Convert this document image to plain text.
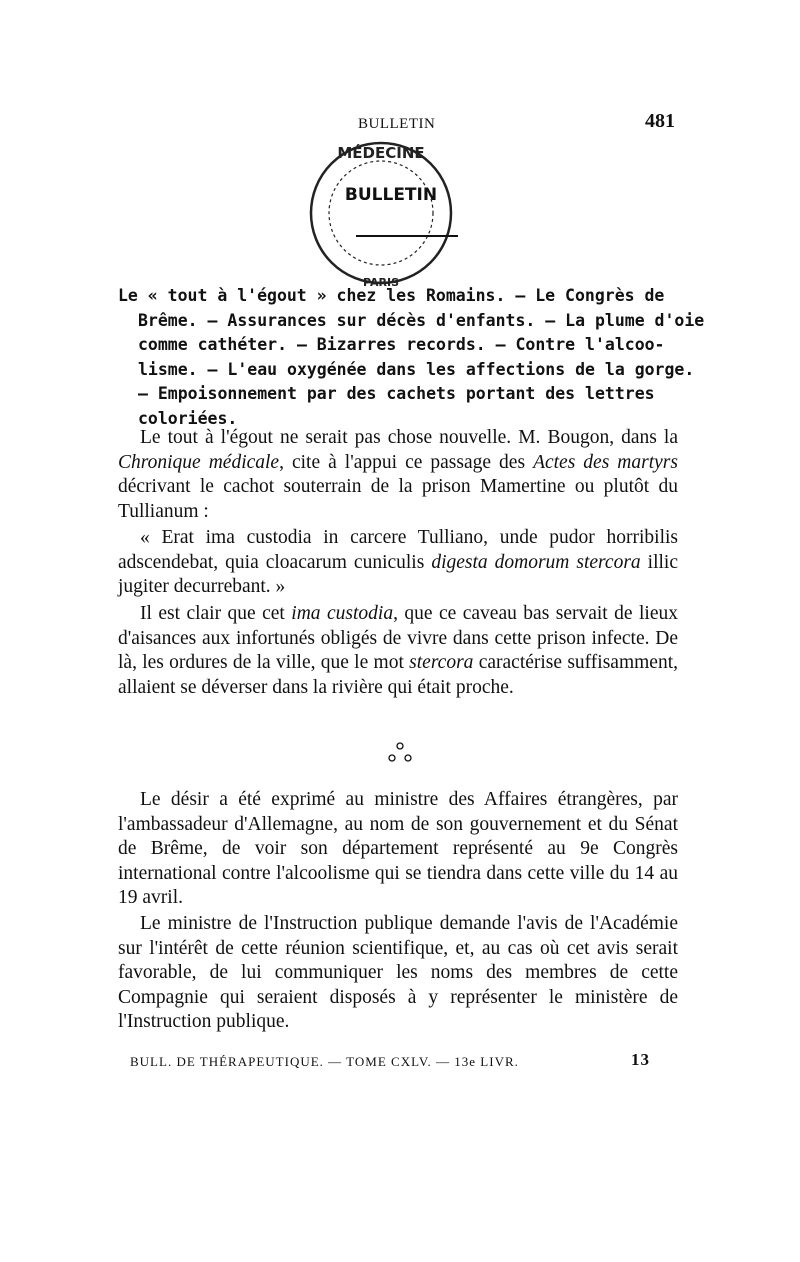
BULLETIN	481
MÉDECINE
BULLETIN
PARIS
Le « tout à l'égout » chez les Romains. — Le Congrès de
Brême. — Assurances sur décès d'enfants. — La plume d'oie
comme cathéter. — Bizarres records. — Contre l'alcoo-
lisme. — L'eau oxygénée dans les affections de la gorge.
— Empoisonnement par des cachets portant des lettres
coloriées.

Le tout à l'égout ne serait pas chose nouvelle. M. Bougon, dans la Chronique médicale, cite à l'appui ce passage des Actes des martyrs décrivant le cachot souterrain de la prison Mamertine ou plutôt du Tullianum :

« Erat ima custodia in carcere Tulliano, unde pudor horribilis adscendebat, quia cloacarum cuniculis digesta domorum stercora illic jugiter decurrebant. »

Il est clair que cet ima custodia, que ce caveau bas servait de lieux d'aisances aux infortunés obligés de vivre dans cette prison infecte. De là, les ordures de la ville, que le mot stercora caractérise suffisamment, allaient se déverser dans la rivière qui était proche.

Le désir a été exprimé au ministre des Affaires étrangères, par l'ambassadeur d'Allemagne, au nom de son gouvernement et du Sénat de Brême, de voir son département représenté au 9e Congrès international contre l'alcoolisme qui se tiendra dans cette ville du 14 au 19 avril.

Le ministre de l'Instruction publique demande l'avis de l'Académie sur l'intérêt de cette réunion scientifique, et, au cas où cet avis serait favorable, de lui communiquer les noms des membres de cette Compagnie qui seraient disposés à y représenter le ministère de l'Instruction publique.

BULL. DE THÉRAPEUTIQUE. — TOME CXLV. — 13e LIVR.	13
